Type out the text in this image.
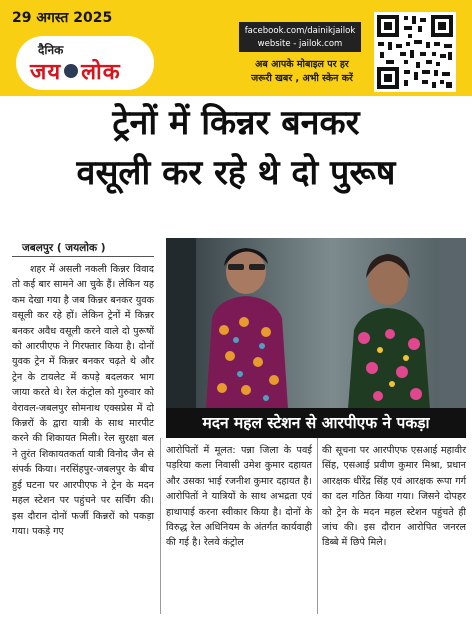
29 अगस्त 2025
दैनिक
जय लोक
facebook.com/dainikjailok
website - jailok.com
अब आपके मोबाइल पर हर
जरूरी खबर , अभी स्केन करें
ट्रेनों में किन्नर बनकर
वसूली कर रहे थे दो पुरूष
जबलपुर ( जयलोक )

शहर में असली नकली किन्नर विवाद तो कई बार सामने आ चुके हैं। लेकिन यह कम देखा गया है जब किन्नर बनकर युवक वसूली कर रहे हों। लेकिन ट्रेनों में किन्नर बनकर अवैध वसूली करने वाले दो पुरूषों को आरपीएफ ने गिरफ्तार किया है। दोनों युवक ट्रेन में किन्नर बनकर चढ़ते थे और ट्रेन के टायलेट में कपड़े बदलकर भाग जाया करते थे। रेल कंट्रोल को गुरुवार को वेरावल-जबलपुर सोमनाथ एक्सप्रेस में दो किन्नरों के द्वारा यात्री के साथ मारपीट करने की शिकायत मिली। रेल सुरक्षा बल ने तुरंत शिकायतकर्ता यात्री विनोद जैन से संपर्क किया। नरसिंहपुर-जबलपुर के बीच हुई घटना पर आरपीएफ ने ट्रेन के मदन महल स्टेशन पर पहुंचने पर सर्चिंग की। इस दौरान दोनों फर्जी किन्नरों को पकड़ा गया। पकड़े गए

मदन महल स्टेशन से आरपीएफ ने पकड़ा

आरोपितों में मूलत: पन्ना जिला के पवई पड़रिया कला निवासी उमेश कुमार दहायत और उसका भाई रजनीश कुमार दहायत है। आरोपितों ने यात्रियों के साथ अभद्रता एवं हाथापाई करना स्वीकार किया है। दोनों के विरुद्ध रेल अधिनियम के अंतर्गत कार्यवाही की गई है। रेलवे कंट्रोल

की सूचना पर आरपीएफ एसआई महावीर सिंह, एसआई प्रवीण कुमार मिश्रा, प्रधान आरक्षक धीरेंद्र सिंह एवं आरक्षक रूपा गर्ग का दल गठित किया गया। जिसने दोपहर को ट्रेन के मदन महल स्टेशन पहुंचते ही जांच की। इस दौरान आरोपित जनरल डिब्बे में छिपे मिले।
